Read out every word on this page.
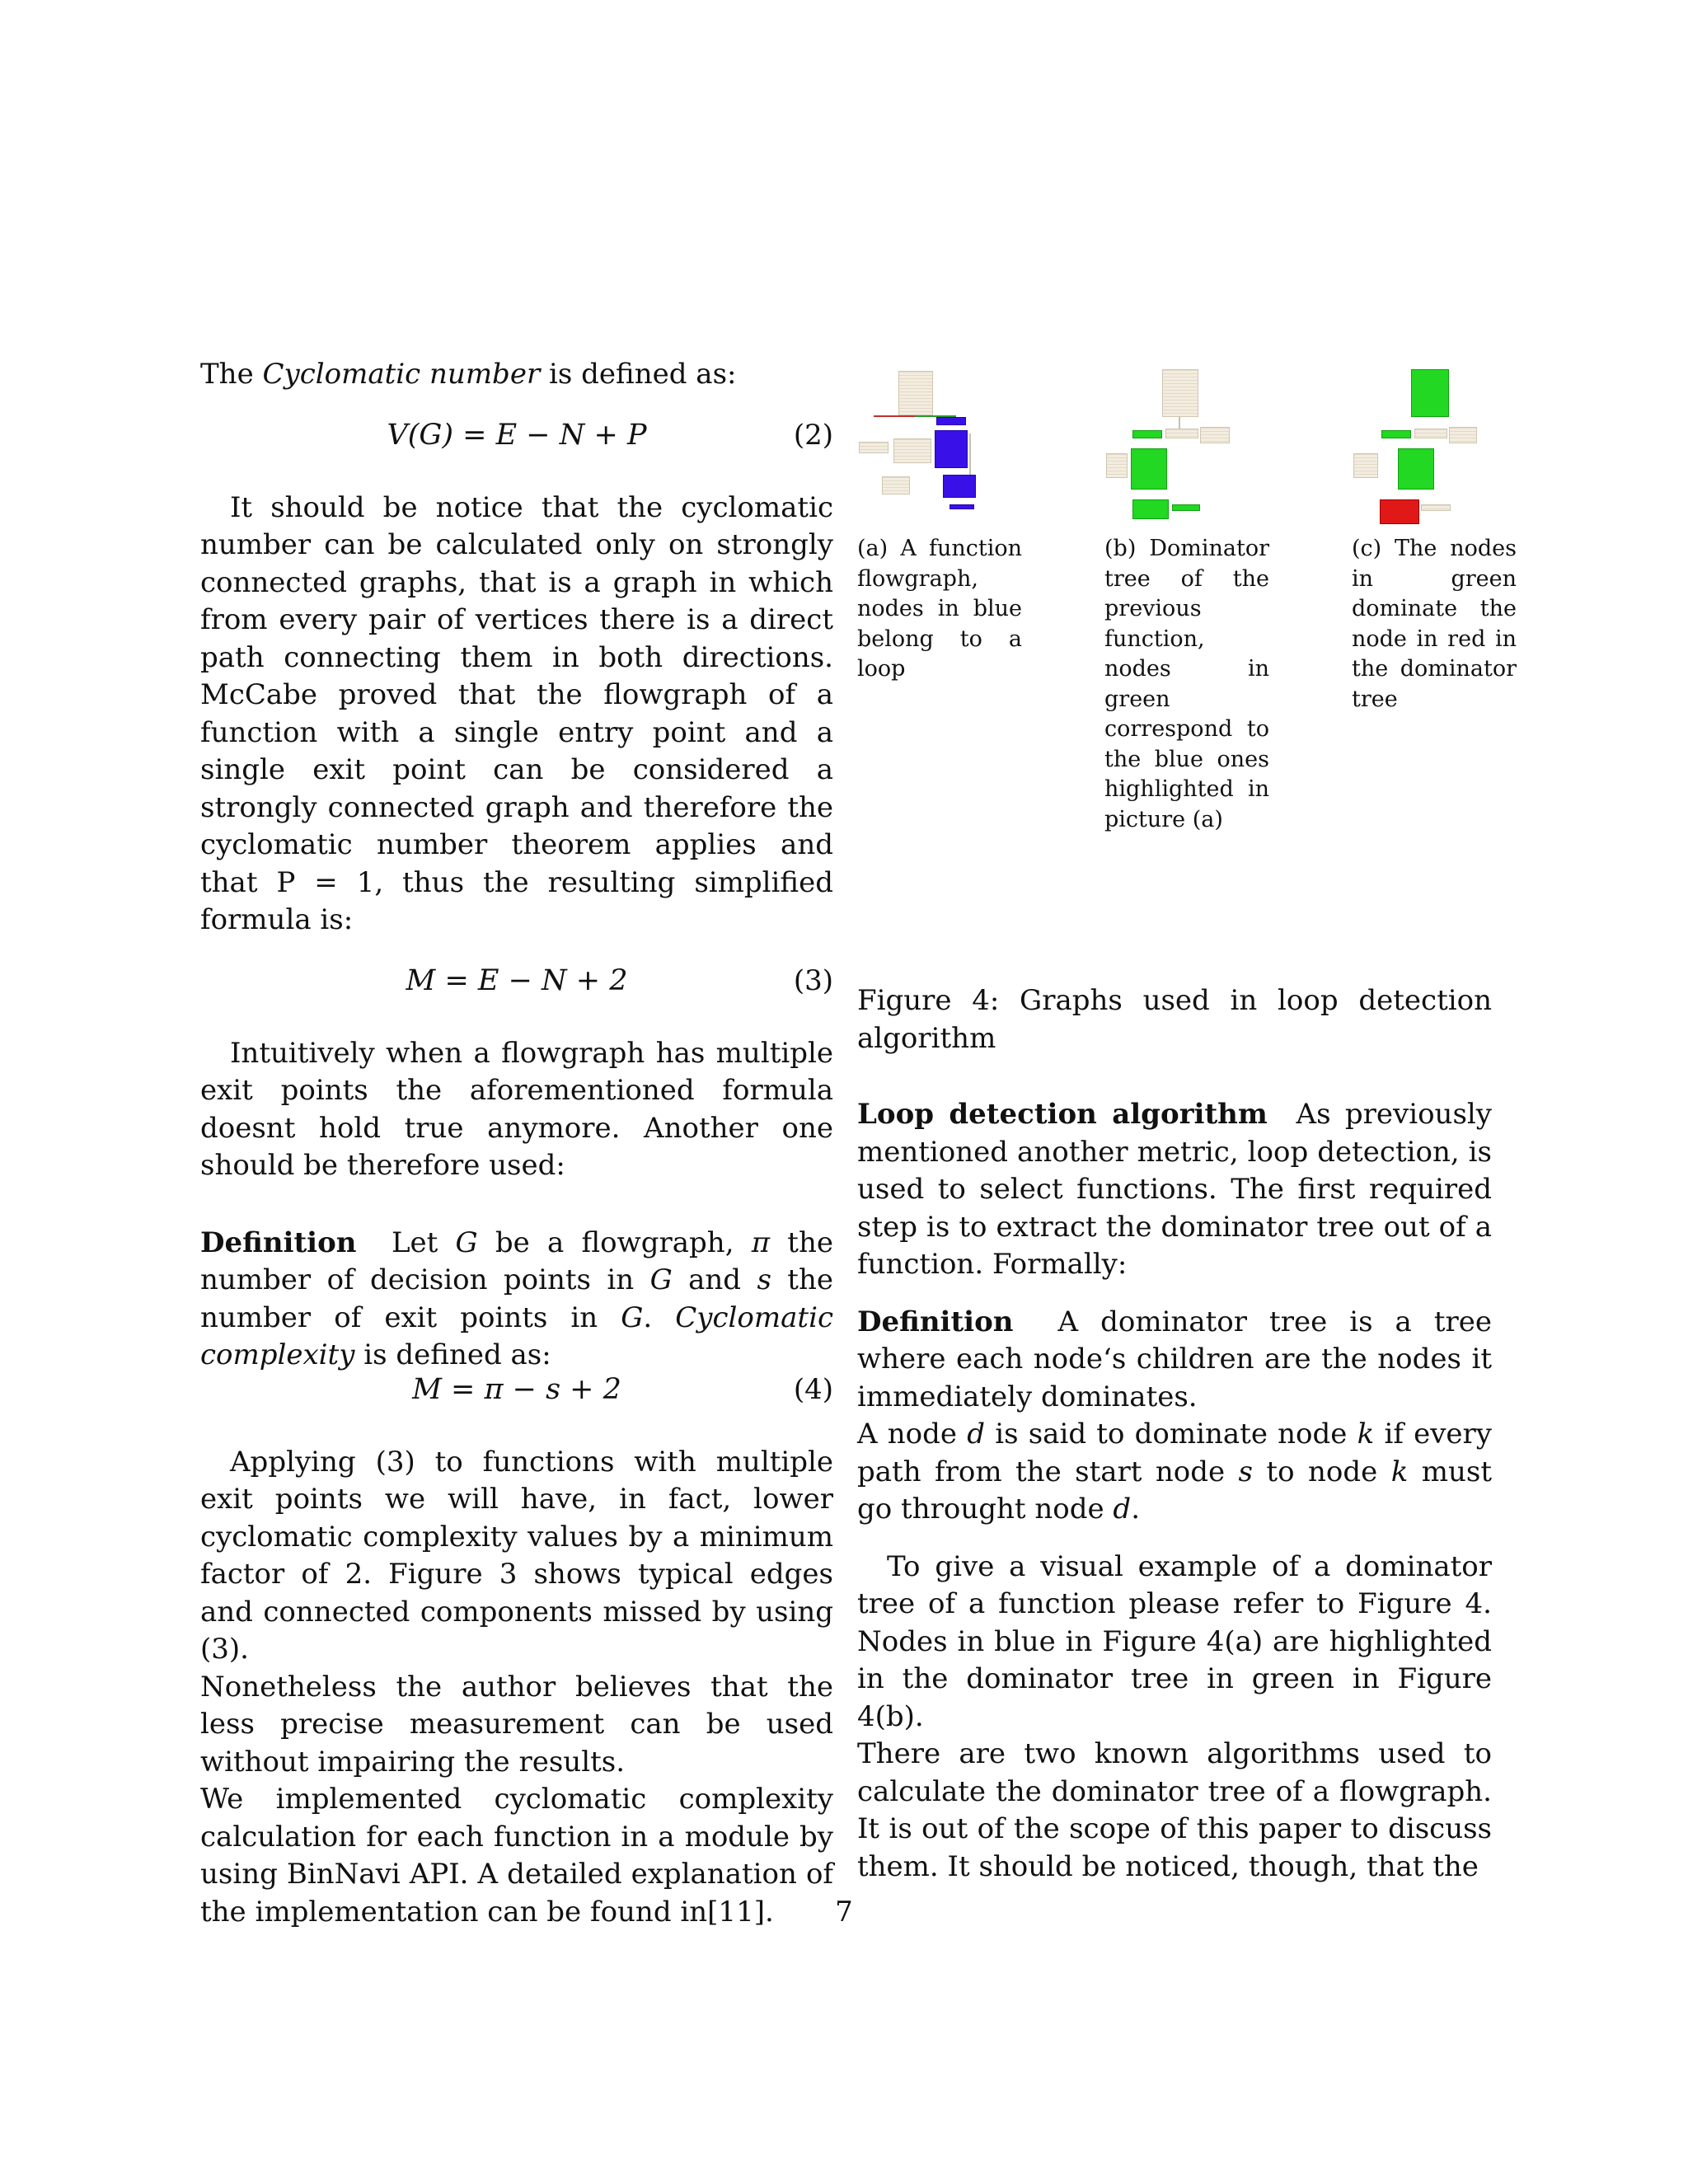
The Cyclomatic number is defined as:

V(G) = E − N + P	(2)

It should be notice that the cyclomatic number can be calculated only on strongly connected graphs, that is a graph in which from every pair of vertices there is a direct path connecting them in both directions. McCabe proved that the flowgraph of a function with a single entry point and a single exit point can be considered a strongly connected graph and therefore the cyclomatic number theorem applies and that P = 1, thus the resulting simplified formula is:

M = E − N + 2	(3)

Intuitively when a flowgraph has multiple exit points the aforementioned formula doesnt hold true anymore. Another one should be therefore used:

Definition Let G be a flowgraph, π the number of decision points in G and s the number of exit points in G. Cyclomatic complexity is defined as:

M = π − s + 2	(4)

Applying (3) to functions with multiple exit points we will have, in fact, lower cyclomatic complexity values by a minimum factor of 2. Figure 3 shows typical edges and connected components missed by using (3).

Nonetheless the author believes that the less precise measurement can be used without impairing the results.

We implemented cyclomatic complexity calculation for each function in a module by using BinNavi API. A detailed explanation of the implementation can be found in[11].

(a) A function flowgraph, nodes in blue belong to a loop
(b) Dominator tree of the previous function, nodes in green correspond to the blue ones highlighted in picture (a)
(c) The nodes in green dominate the node in red in the dominator tree
Figure 4: Graphs used in loop detection algorithm

Loop detection algorithm As previously mentioned another metric, loop detection, is used to select functions. The first required step is to extract the dominator tree out of a function. Formally:

Definition A dominator tree is a tree where each node‘s children are the nodes it immediately dominates.

A node d is said to dominate node k if every path from the start node s to node k must go throught node d.

To give a visual example of a dominator tree of a function please refer to Figure 4. Nodes in blue in Figure 4(a) are highlighted in the dominator tree in green in Figure 4(b).

There are two known algorithms used to calculate the dominator tree of a flowgraph. It is out of the scope of this paper to discuss them. It should be noticed, though, that the

7
